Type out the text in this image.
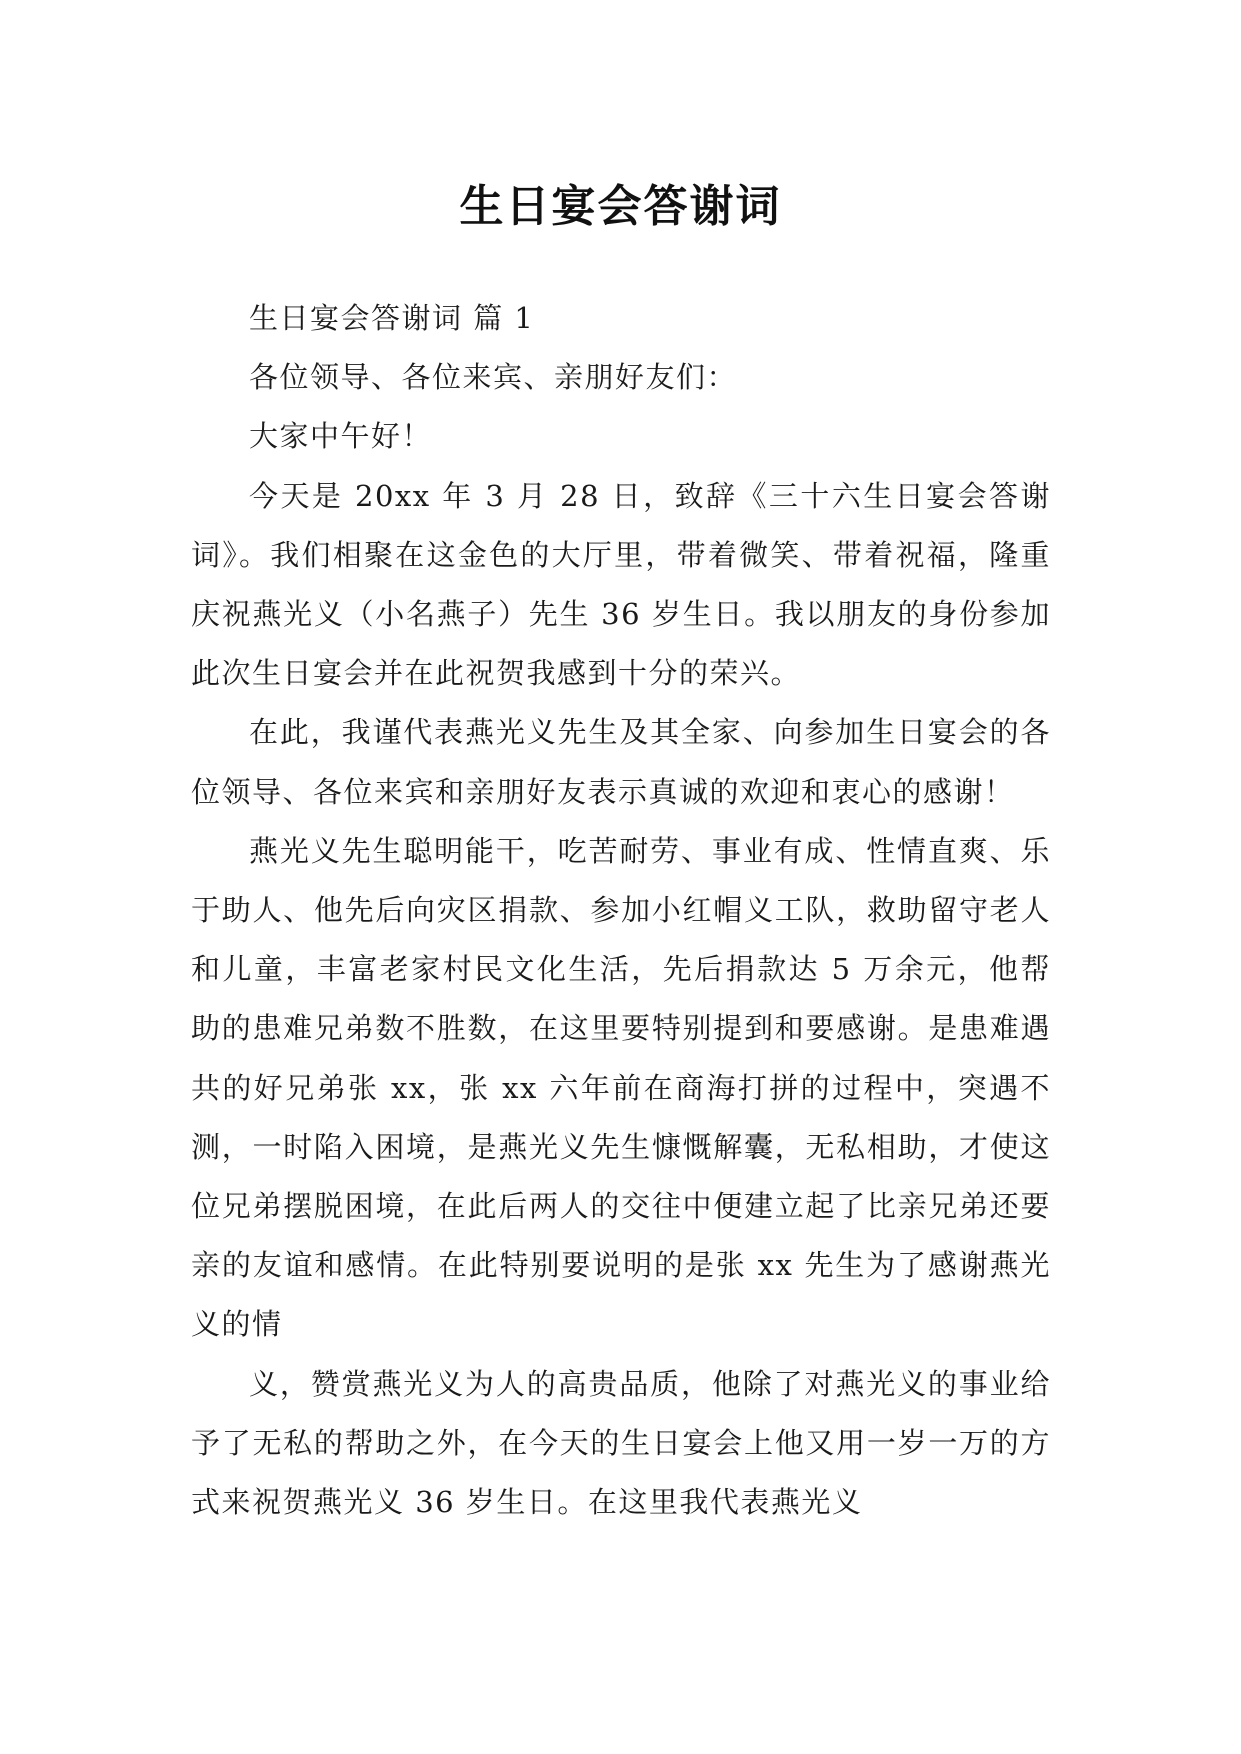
生日宴会答谢词

生日宴会答谢词 篇 1

各位领导、各位来宾、亲朋好友们：

大家中午好！

今天是 20xx 年 3 月 28 日，致辞《三十六生日宴会答谢词》。我们相聚在这金色的大厅里，带着微笑、带着祝福，隆重庆祝燕光义（小名燕子）先生 36 岁生日。我以朋友的身份参加此次生日宴会并在此祝贺我感到十分的荣兴。

在此，我谨代表燕光义先生及其全家、向参加生日宴会的各位领导、各位来宾和亲朋好友表示真诚的欢迎和衷心的感谢！

燕光义先生聪明能干，吃苦耐劳、事业有成、性情直爽、乐于助人、他先后向灾区捐款、参加小红帽义工队，救助留守老人和儿童，丰富老家村民文化生活，先后捐款达 5 万余元，他帮助的患难兄弟数不胜数，在这里要特别提到和要感谢。是患难遇共的好兄弟张 xx，张 xx 六年前在商海打拼的过程中，突遇不测，一时陷入困境，是燕光义先生慷慨解囊，无私相助，才使这位兄弟摆脱困境，在此后两人的交往中便建立起了比亲兄弟还要亲的友谊和感情。在此特别要说明的是张 xx 先生为了感谢燕光义的情

义，赞赏燕光义为人的高贵品质，他除了对燕光义的事业给予了无私的帮助之外，在今天的生日宴会上他又用一岁一万的方式来祝贺燕光义 36 岁生日。在这里我代表燕光义
